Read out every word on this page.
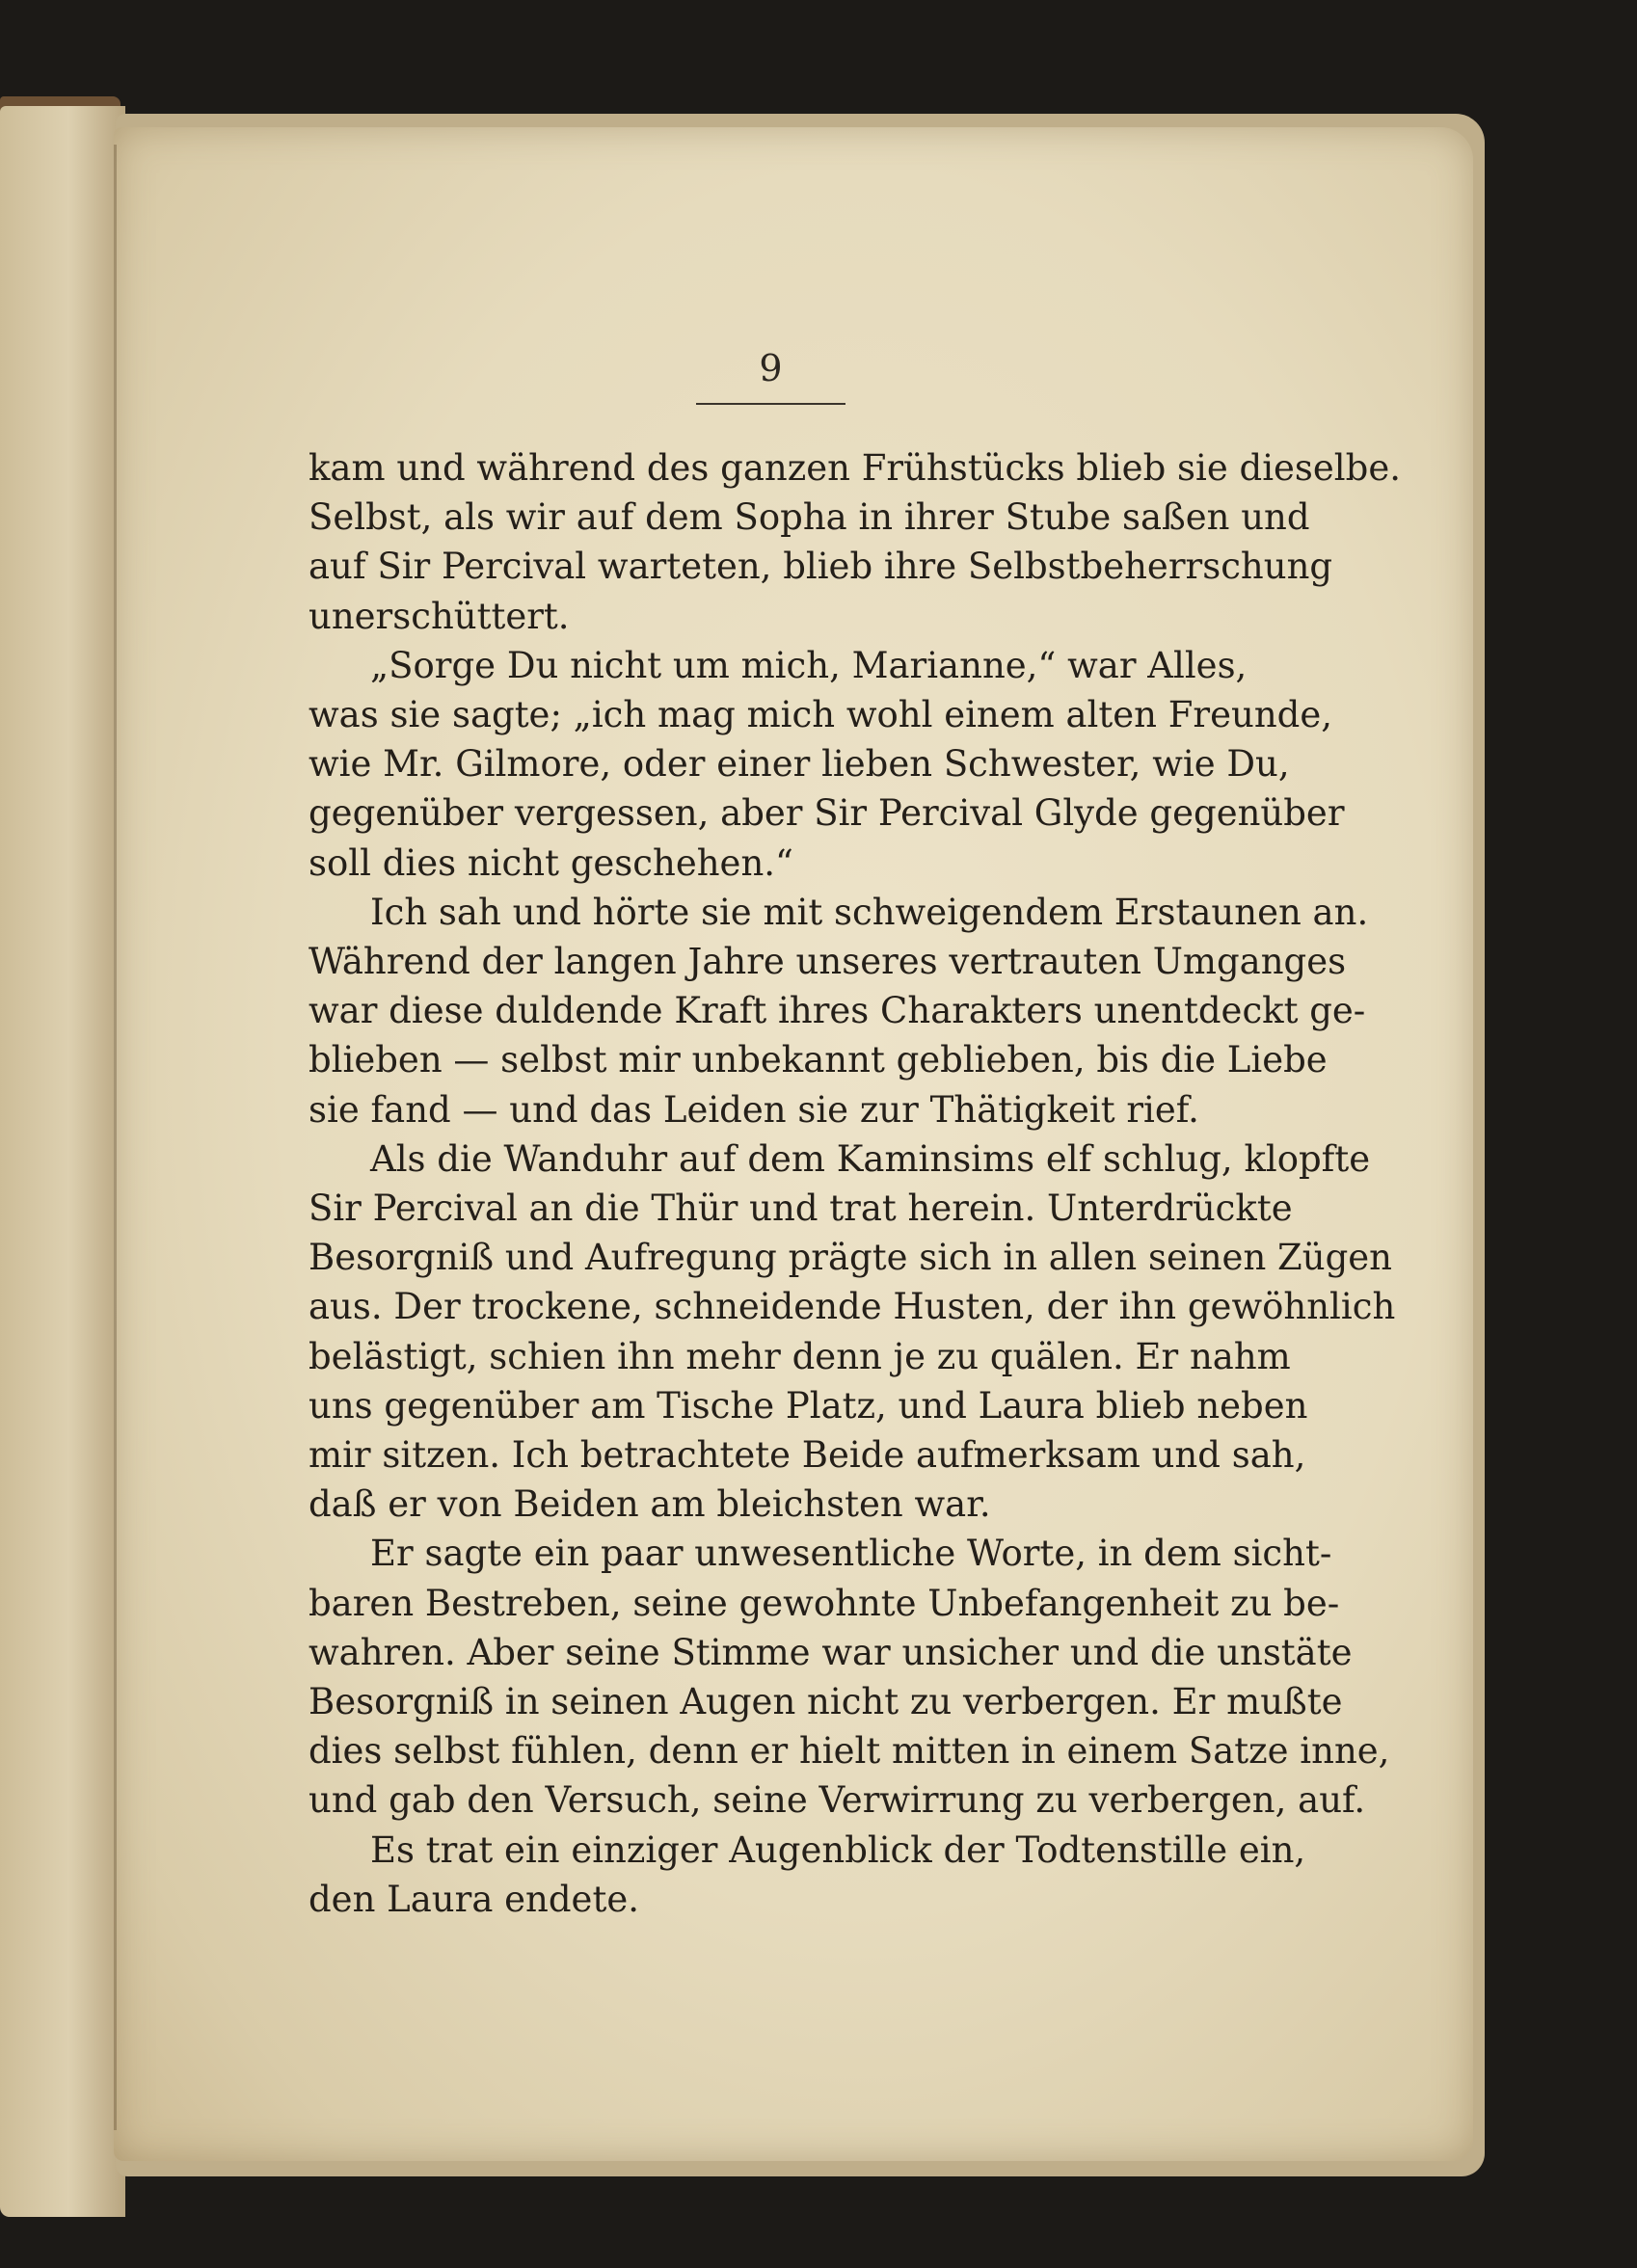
9
kam und während des ganzen Frühstücks blieb sie dieselbe.
Selbst, als wir auf dem Sopha in ihrer Stube saßen und
auf Sir Percival warteten, blieb ihre Selbstbeherrschung
unerschüttert.
„Sorge Du nicht um mich, Marianne,“ war Alles,
was sie sagte; „ich mag mich wohl einem alten Freunde,
wie Mr. Gilmore, oder einer lieben Schwester, wie Du,
gegenüber vergessen, aber Sir Percival Glyde gegenüber
soll dies nicht geschehen.“
Ich sah und hörte sie mit schweigendem Erstaunen an.
Während der langen Jahre unseres vertrauten Umganges
war diese duldende Kraft ihres Charakters unentdeckt ge-
blieben — selbst mir unbekannt geblieben, bis die Liebe
sie fand — und das Leiden sie zur Thätigkeit rief.
Als die Wanduhr auf dem Kaminsims elf schlug, klopfte
Sir Percival an die Thür und trat herein. Unterdrückte
Besorgniß und Aufregung prägte sich in allen seinen Zügen
aus. Der trockene, schneidende Husten, der ihn gewöhnlich
belästigt, schien ihn mehr denn je zu quälen. Er nahm
uns gegenüber am Tische Platz, und Laura blieb neben
mir sitzen. Ich betrachtete Beide aufmerksam und sah,
daß er von Beiden am bleichsten war.
Er sagte ein paar unwesentliche Worte, in dem sicht-
baren Bestreben, seine gewohnte Unbefangenheit zu be-
wahren. Aber seine Stimme war unsicher und die unstäte
Besorgniß in seinen Augen nicht zu verbergen. Er mußte
dies selbst fühlen, denn er hielt mitten in einem Satze inne,
und gab den Versuch, seine Verwirrung zu verbergen, auf.
Es trat ein einziger Augenblick der Todtenstille ein,
den Laura endete.
